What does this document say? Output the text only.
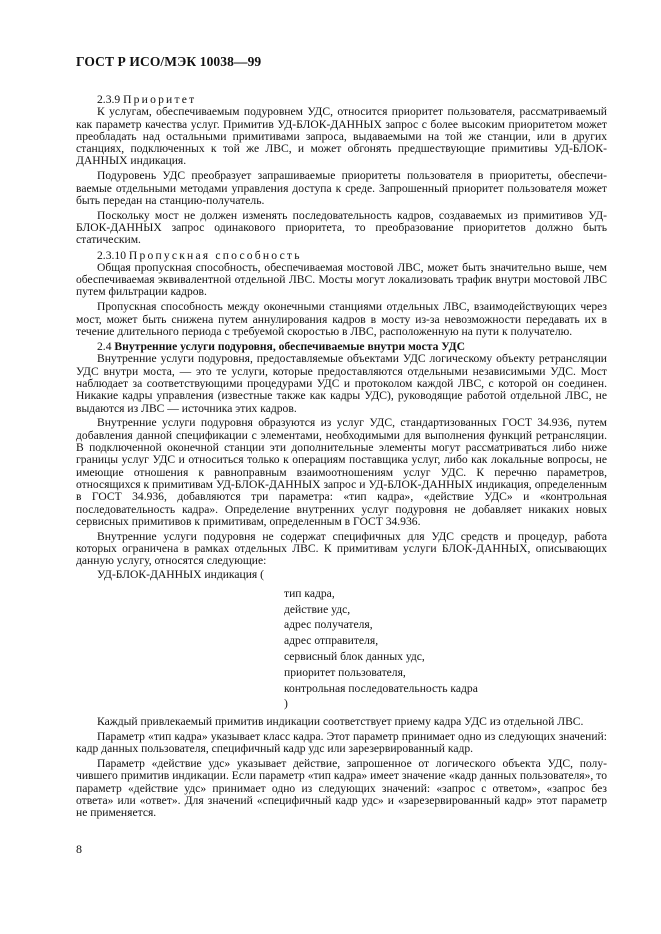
ГОСТ Р ИСО/МЭК 10038—99

2.3.9 Приоритет

К услугам, обеспечиваемым подуровнем УДС, относится приоритет пользователя, рассматриваемый как параметр качества услуг. Примитив УД-БЛОК-ДАННЫХ запрос с более высоким приоритетом может преобладать над остальными примитивами запроса, выдаваемыми на той же станции, или в других станциях, подключенных к той же ЛВС, и может обгонять предшествующие примитивы УД-БЛОК-ДАННЫХ индикация.

Подуровень УДС преобразует запрашиваемые приоритеты пользователя в приоритеты, обеспечиваемые отдельными методами управления доступа к среде. Запрошенный приоритет пользователя может быть передан на станцию-получатель.

Поскольку мост не должен изменять последовательность кадров, создаваемых из примитивов УД-БЛОК-ДАННЫХ запрос одинакового приоритета, то преобразование приоритетов должно быть статическим.

2.3.10 Пропускная способность

Общая пропускная способность, обеспечиваемая мостовой ЛВС, может быть значительно выше, чем обеспечиваемая эквивалентной отдельной ЛВС. Мосты могут локализовать трафик внутри мостовой ЛВС путем фильтрации кадров.

Пропускная способность между оконечными станциями отдельных ЛВС, взаимодействующих через мост, может быть снижена путем аннулирования кадров в мосту из-за невозможности передавать их в течение длительного периода с требуемой скоростью в ЛВС, расположенную на пути к получателю.

2.4 Внутренние услуги подуровня, обеспечиваемые внутри моста УДС

Внутренние услуги подуровня, предоставляемые объектами УДС логическому объекту ретрансляции УДС внутри моста, — это те услуги, которые предоставляются отдельными независимыми УДС. Мост наблюдает за соответствующими процедурами УДС и протоколом каждой ЛВС, с которой он соединен. Никакие кадры управления (известные также как кадры УДС), руководящие работой отдельной ЛВС, не выдаются из ЛВС — источника этих кадров.

Внутренние услуги подуровня образуются из услуг УДС, стандартизованных ГОСТ 34.936, путем добавления данной спецификации с элементами, необходимыми для выполнения функций ретрансляции. В подключенной оконечной станции эти дополнительные элементы могут рассматриваться либо ниже границы услуг УДС и относиться только к операциям поставщика услуг, либо как локальные вопросы, не имеющие отношения к равноправным взаимоотношениям услуг УДС. К перечню параметров, относящихся к примитивам УД-БЛОК-ДАННЫХ запрос и УД-БЛОК-ДАННЫХ индикация, определенным в ГОСТ 34.936, добавляются три параметра: «тип кадра», «действие УДС» и «контрольная последовательность кадра». Определение внутренних услуг подуровня не добавляет никаких новых сервисных примитивов к примитивам, определенным в ГОСТ 34.936.

Внутренние услуги подуровня не содержат специфичных для УДС средств и процедур, работа которых ограничена в рамках отдельных ЛВС. К примитивам услуги БЛОК-ДАННЫХ, описывающих данную услугу, относятся следующие:

УД-БЛОК-ДАННЫХ индикация (
тип кадра,
действие удс,
адрес получателя,
адрес отправителя,
сервисный блок данных удс,
приоритет пользователя,
контрольная последовательность кадра
)

Каждый привлекаемый примитив индикации соответствует приему кадра УДС из отдельной ЛВС.

Параметр «тип кадра» указывает класс кадра. Этот параметр принимает одно из следующих значений: кадр данных пользователя, специфичный кадр удс или зарезервированный кадр.

Параметр «действие удс» указывает действие, запрошенное от логического объекта УДС, получившего примитив индикации. Если параметр «тип кадра» имеет значение «кадр данных пользователя», то параметр «действие удс» принимает одно из следующих значений: «запрос с ответом», «запрос без ответа» или «ответ». Для значений «специфичный кадр удс» и «зарезервированный кадр» этот параметр не применяется.

8
